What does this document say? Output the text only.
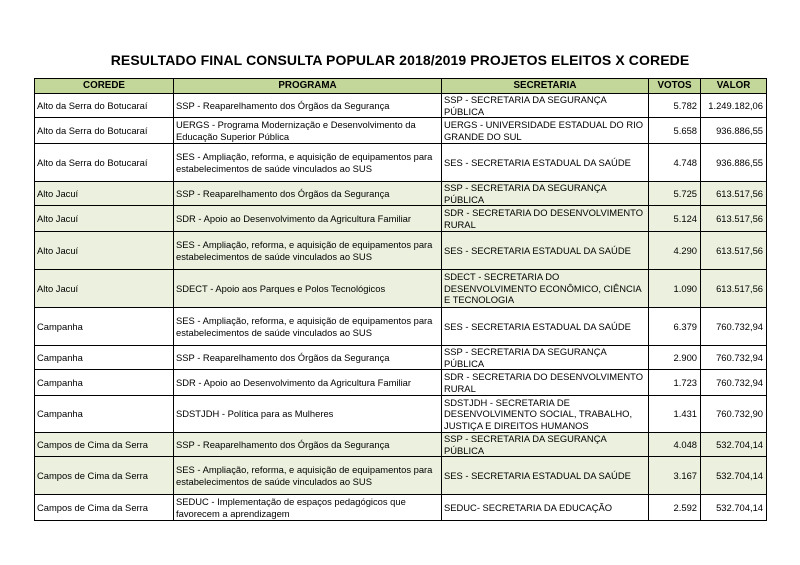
RESULTADO FINAL CONSULTA POPULAR 2018/2019 PROJETOS ELEITOS X COREDE
COREDE	PROGRAMA	SECRETARIA	VOTOS	VALOR
Alto da Serra do Botucaraí	SSP - Reaparelhamento dos Órgãos da Segurança	SSP - SECRETARIA DA SEGURANÇA PÚBLICA	5.782	1.249.182,06
Alto da Serra do Botucaraí	UERGS - Programa Modernização e Desenvolvimento da Educação Superior Pública	UERGS - UNIVERSIDADE ESTADUAL DO RIO GRANDE DO SUL	5.658	936.886,55
Alto da Serra do Botucaraí	SES - Ampliação, reforma, e aquisição de equipamentos para estabelecimentos de saúde vinculados ao SUS	SES - SECRETARIA ESTADUAL DA SAÚDE	4.748	936.886,55
Alto Jacuí	SSP - Reaparelhamento dos Órgãos da Segurança	SSP - SECRETARIA DA SEGURANÇA PÚBLICA	5.725	613.517,56
Alto Jacuí	SDR - Apoio ao Desenvolvimento da Agricultura Familiar	SDR - SECRETARIA DO DESENVOLVIMENTO RURAL	5.124	613.517,56
Alto Jacuí	SES - Ampliação, reforma, e aquisição de equipamentos para estabelecimentos de saúde vinculados ao SUS	SES - SECRETARIA ESTADUAL DA SAÚDE	4.290	613.517,56
Alto Jacuí	SDECT - Apoio aos Parques e Polos Tecnológicos	SDECT - SECRETARIA DO DESENVOLVIMENTO ECONÔMICO, CIÊNCIA E TECNOLOGIA	1.090	613.517,56
Campanha	SES - Ampliação, reforma, e aquisição de equipamentos para estabelecimentos de saúde vinculados ao SUS	SES - SECRETARIA ESTADUAL DA SAÚDE	6.379	760.732,94
Campanha	SSP - Reaparelhamento dos Órgãos da Segurança	SSP - SECRETARIA DA SEGURANÇA PÚBLICA	2.900	760.732,94
Campanha	SDR - Apoio ao Desenvolvimento da Agricultura Familiar	SDR - SECRETARIA DO DESENVOLVIMENTO RURAL	1.723	760.732,94
Campanha	SDSTJDH - Política para as Mulheres	SDSTJDH - SECRETARIA DE DESENVOLVIMENTO SOCIAL, TRABALHO, JUSTIÇA E DIREITOS HUMANOS	1.431	760.732,90
Campos de Cima da Serra	SSP - Reaparelhamento dos Órgãos da Segurança	SSP - SECRETARIA DA SEGURANÇA PÚBLICA	4.048	532.704,14
Campos de Cima da Serra	SES - Ampliação, reforma, e aquisição de equipamentos para estabelecimentos de saúde vinculados ao SUS	SES - SECRETARIA ESTADUAL DA SAÚDE	3.167	532.704,14
Campos de Cima da Serra	SEDUC - Implementação de espaços pedagógicos que favorecem a aprendizagem	SEDUC- SECRETARIA DA EDUCAÇÃO	2.592	532.704,14
